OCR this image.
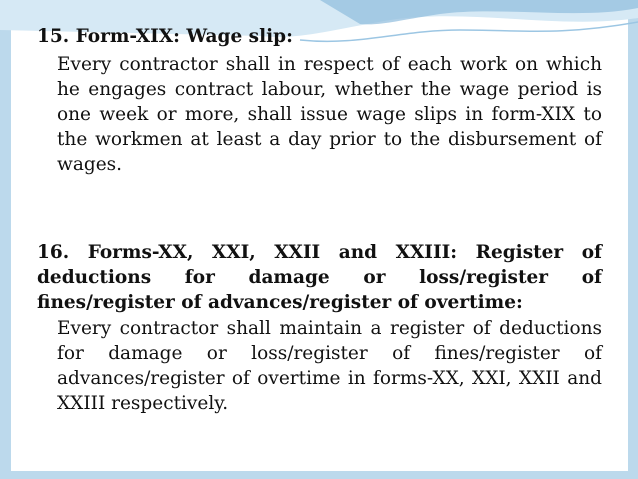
15. Form-XIX: Wage slip:

Every contractor shall in respect of each work on which he engages contract labour, whether the wage period is one week or more, shall issue wage slips in form-XIX to the workmen at least a day prior to the disbursement of wages.

16. Forms-XX, XXI, XXII and XXIII: Register of deductions for damage or loss/register of fines/register of advances/register of overtime:

Every contractor shall maintain a register of deductions for damage or loss/register of fines/register of advances/register of overtime in forms-XX, XXI, XXII and XXIII respectively.
